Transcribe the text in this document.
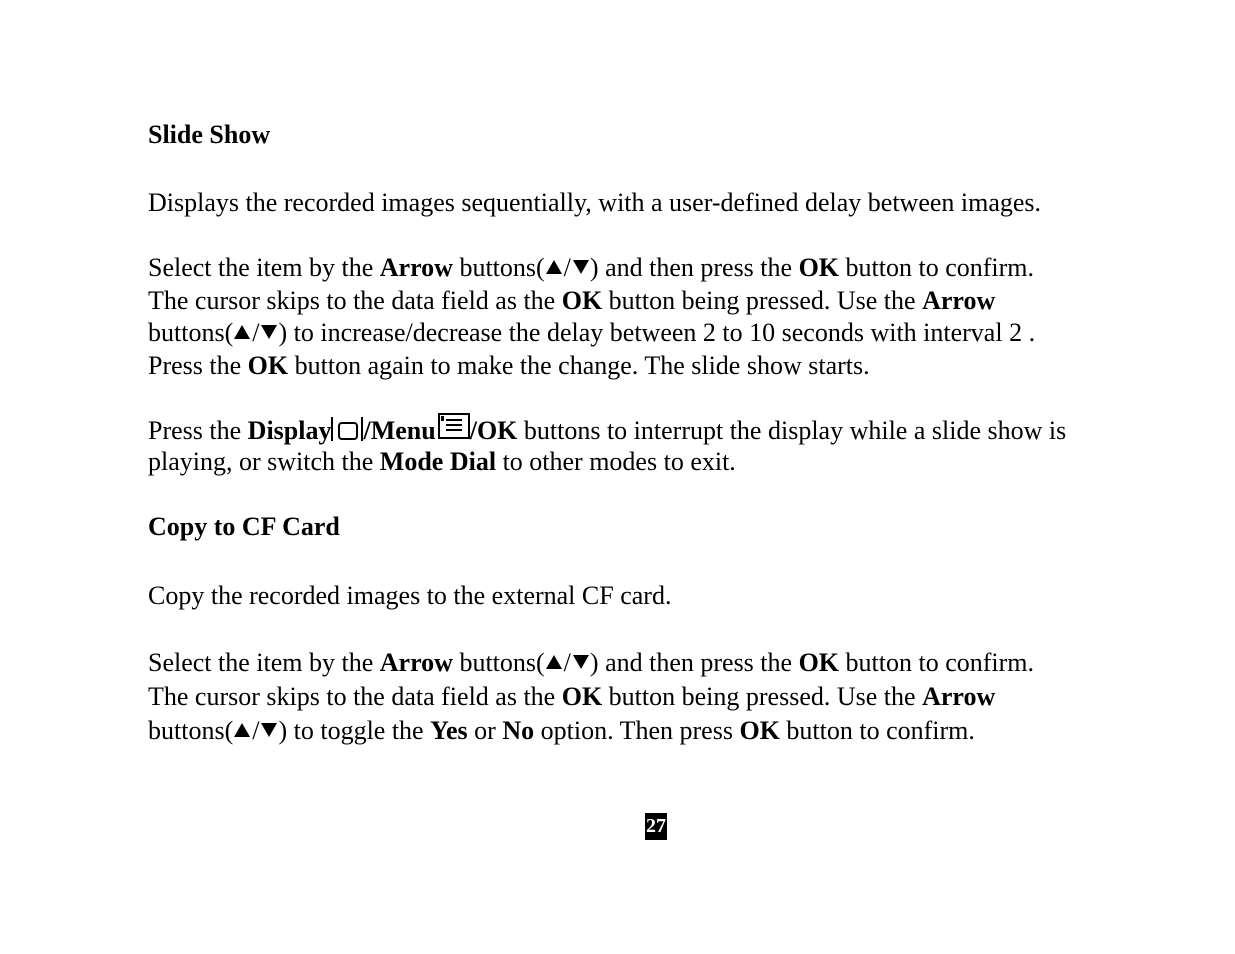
Slide Show
Displays the recorded images sequentially, with a user-defined delay between images.
Select the item by the Arrow buttons( / ) and then press the OK button to confirm.
The cursor skips to the data field as the OK button being pressed. Use the Arrow
buttons( / ) to increase/decrease the delay between 2 to 10 seconds with interval 2 .
Press the OK button again to make the change. The slide show starts.
Press the Display /Menu /OK buttons to interrupt the display while a slide show is
playing, or switch the Mode Dial to other modes to exit.
Copy to CF Card
Copy the recorded images to the external CF card.
Select the item by the Arrow buttons( / ) and then press the OK button to confirm.
The cursor skips to the data field as the OK button being pressed. Use the Arrow
buttons( / ) to toggle the Yes or No option. Then press OK button to confirm.
27
